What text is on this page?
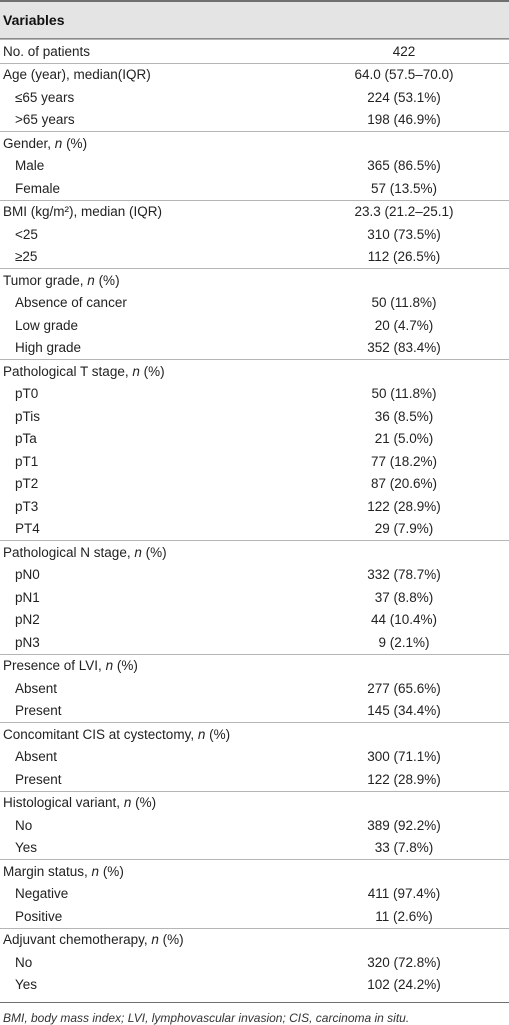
Variables
No. of patients	422
Age (year), median(IQR)	64.0 (57.5–70.0)
≤65 years	224 (53.1%)
>65 years	198 (46.9%)
Gender, n (%)
Male	365 (86.5%)
Female	57 (13.5%)
BMI (kg/m²), median (IQR)	23.3 (21.2–25.1)
<25	310 (73.5%)
≥25	112 (26.5%)
Tumor grade, n (%)
Absence of cancer	50 (11.8%)
Low grade	20 (4.7%)
High grade	352 (83.4%)
Pathological T stage, n (%)
pT0	50 (11.8%)
pTis	36 (8.5%)
pTa	21 (5.0%)
pT1	77 (18.2%)
pT2	87 (20.6%)
pT3	122 (28.9%)
PT4	29 (7.9%)
Pathological N stage, n (%)
pN0	332 (78.7%)
pN1	37 (8.8%)
pN2	44 (10.4%)
pN3	9 (2.1%)
Presence of LVI, n (%)
Absent	277 (65.6%)
Present	145 (34.4%)
Concomitant CIS at cystectomy, n (%)
Absent	300 (71.1%)
Present	122 (28.9%)
Histological variant, n (%)
No	389 (92.2%)
Yes	33 (7.8%)
Margin status, n (%)
Negative	411 (97.4%)
Positive	11 (2.6%)
Adjuvant chemotherapy, n (%)
No	320 (72.8%)
Yes	102 (24.2%)
BMI, body mass index; LVI, lymphovascular invasion; CIS, carcinoma in situ.
